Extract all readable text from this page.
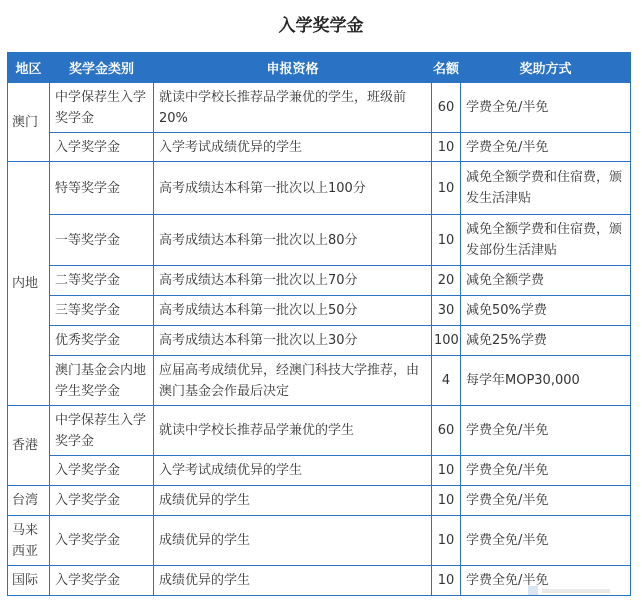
入学奖学金
地区	奖学金类别	申报资格	名额	奖助方式
澳门	中学保荐生入学奖学金	就读中学校长推荐品学兼优的学生，班级前20%	60	学费全免/半免
	入学奖学金	入学考试成绩优异的学生	10	学费全免/半免
内地	特等奖学金	高考成绩达本科第一批次以上100分	10	减免全额学费和住宿费，颁发生活津贴
	一等奖学金	高考成绩达本科第一批次以上80分	10	减免全额学费和住宿费，颁发部份生活津贴
	二等奖学金	高考成绩达本科第一批次以上70分	20	减免全额学费
	三等奖学金	高考成绩达本科第一批次以上50分	30	减免50%学费
	优秀奖学金	高考成绩达本科第一批次以上30分	100	减免25%学费
	澳门基金会内地学生奖学金	应届高考成绩优异，经澳门科技大学推荐，由澳门基金会作最后决定	4	每学年MOP30,000
香港	中学保荐生入学奖学金	就读中学校长推荐品学兼优的学生	60	学费全免/半免
	入学奖学金	入学考试成绩优异的学生	10	学费全免/半免
台湾	入学奖学金	成绩优异的学生	10	学费全免/半免
马来西亚	入学奖学金	成绩优异的学生	10	学费全免/半免
国际	入学奖学金	成绩优异的学生	10	学费全免/半免
